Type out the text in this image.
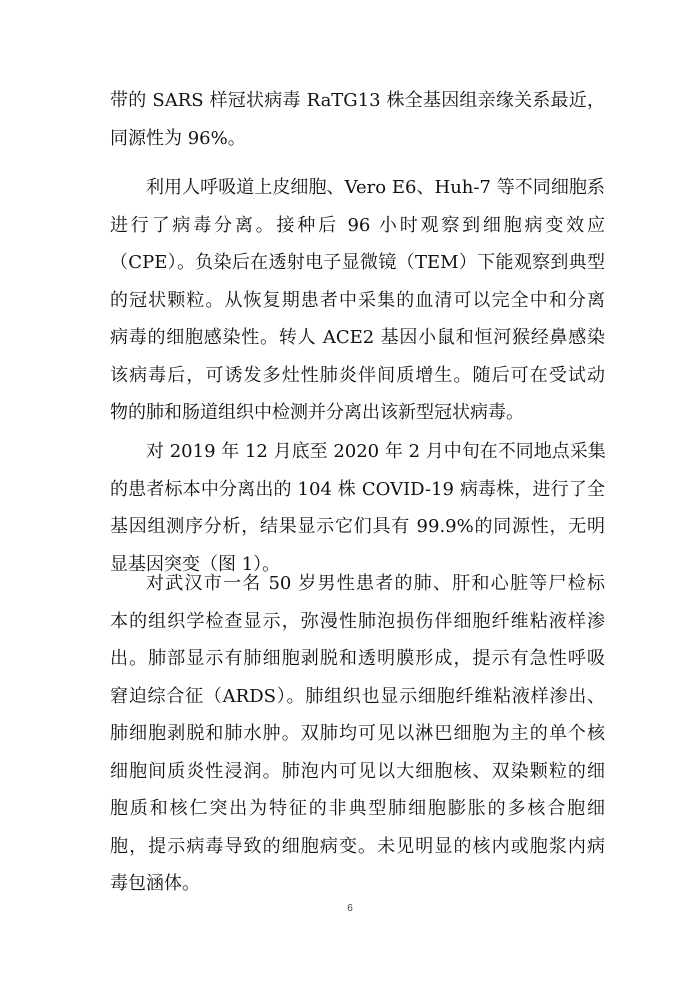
带的 SARS 样冠状病毒 RaTG13 株全基因组亲缘关系最近，
同源性为 96%。
利用人呼吸道上皮细胞、Vero E6、Huh-7 等不同细胞系
进行了病毒分离。接种后 96 小时观察到细胞病变效应
（CPE）。负染后在透射电子显微镜（TEM）下能观察到典型
的冠状颗粒。从恢复期患者中采集的血清可以完全中和分离
病毒的细胞感染性。转人 ACE2 基因小鼠和恒河猴经鼻感染
该病毒后，可诱发多灶性肺炎伴间质增生。随后可在受试动
物的肺和肠道组织中检测并分离出该新型冠状病毒。
对 2019 年 12 月底至 2020 年 2 月中旬在不同地点采集
的患者标本中分离出的 104 株 COVID-19 病毒株，进行了全
基因组测序分析，结果显示它们具有 99.9%的同源性，无明
显基因突变（图 1）。
对武汉市一名 50 岁男性患者的肺、肝和心脏等尸检标
本的组织学检查显示，弥漫性肺泡损伤伴细胞纤维粘液样渗
出。肺部显示有肺细胞剥脱和透明膜形成，提示有急性呼吸
窘迫综合征（ARDS）。肺组织也显示细胞纤维粘液样渗出、
肺细胞剥脱和肺水肿。双肺均可见以淋巴细胞为主的单个核
细胞间质炎性浸润。肺泡内可见以大细胞核、双染颗粒的细
胞质和核仁突出为特征的非典型肺细胞膨胀的多核合胞细
胞，提示病毒导致的细胞病变。未见明显的核内或胞浆内病
毒包涵体。
6
